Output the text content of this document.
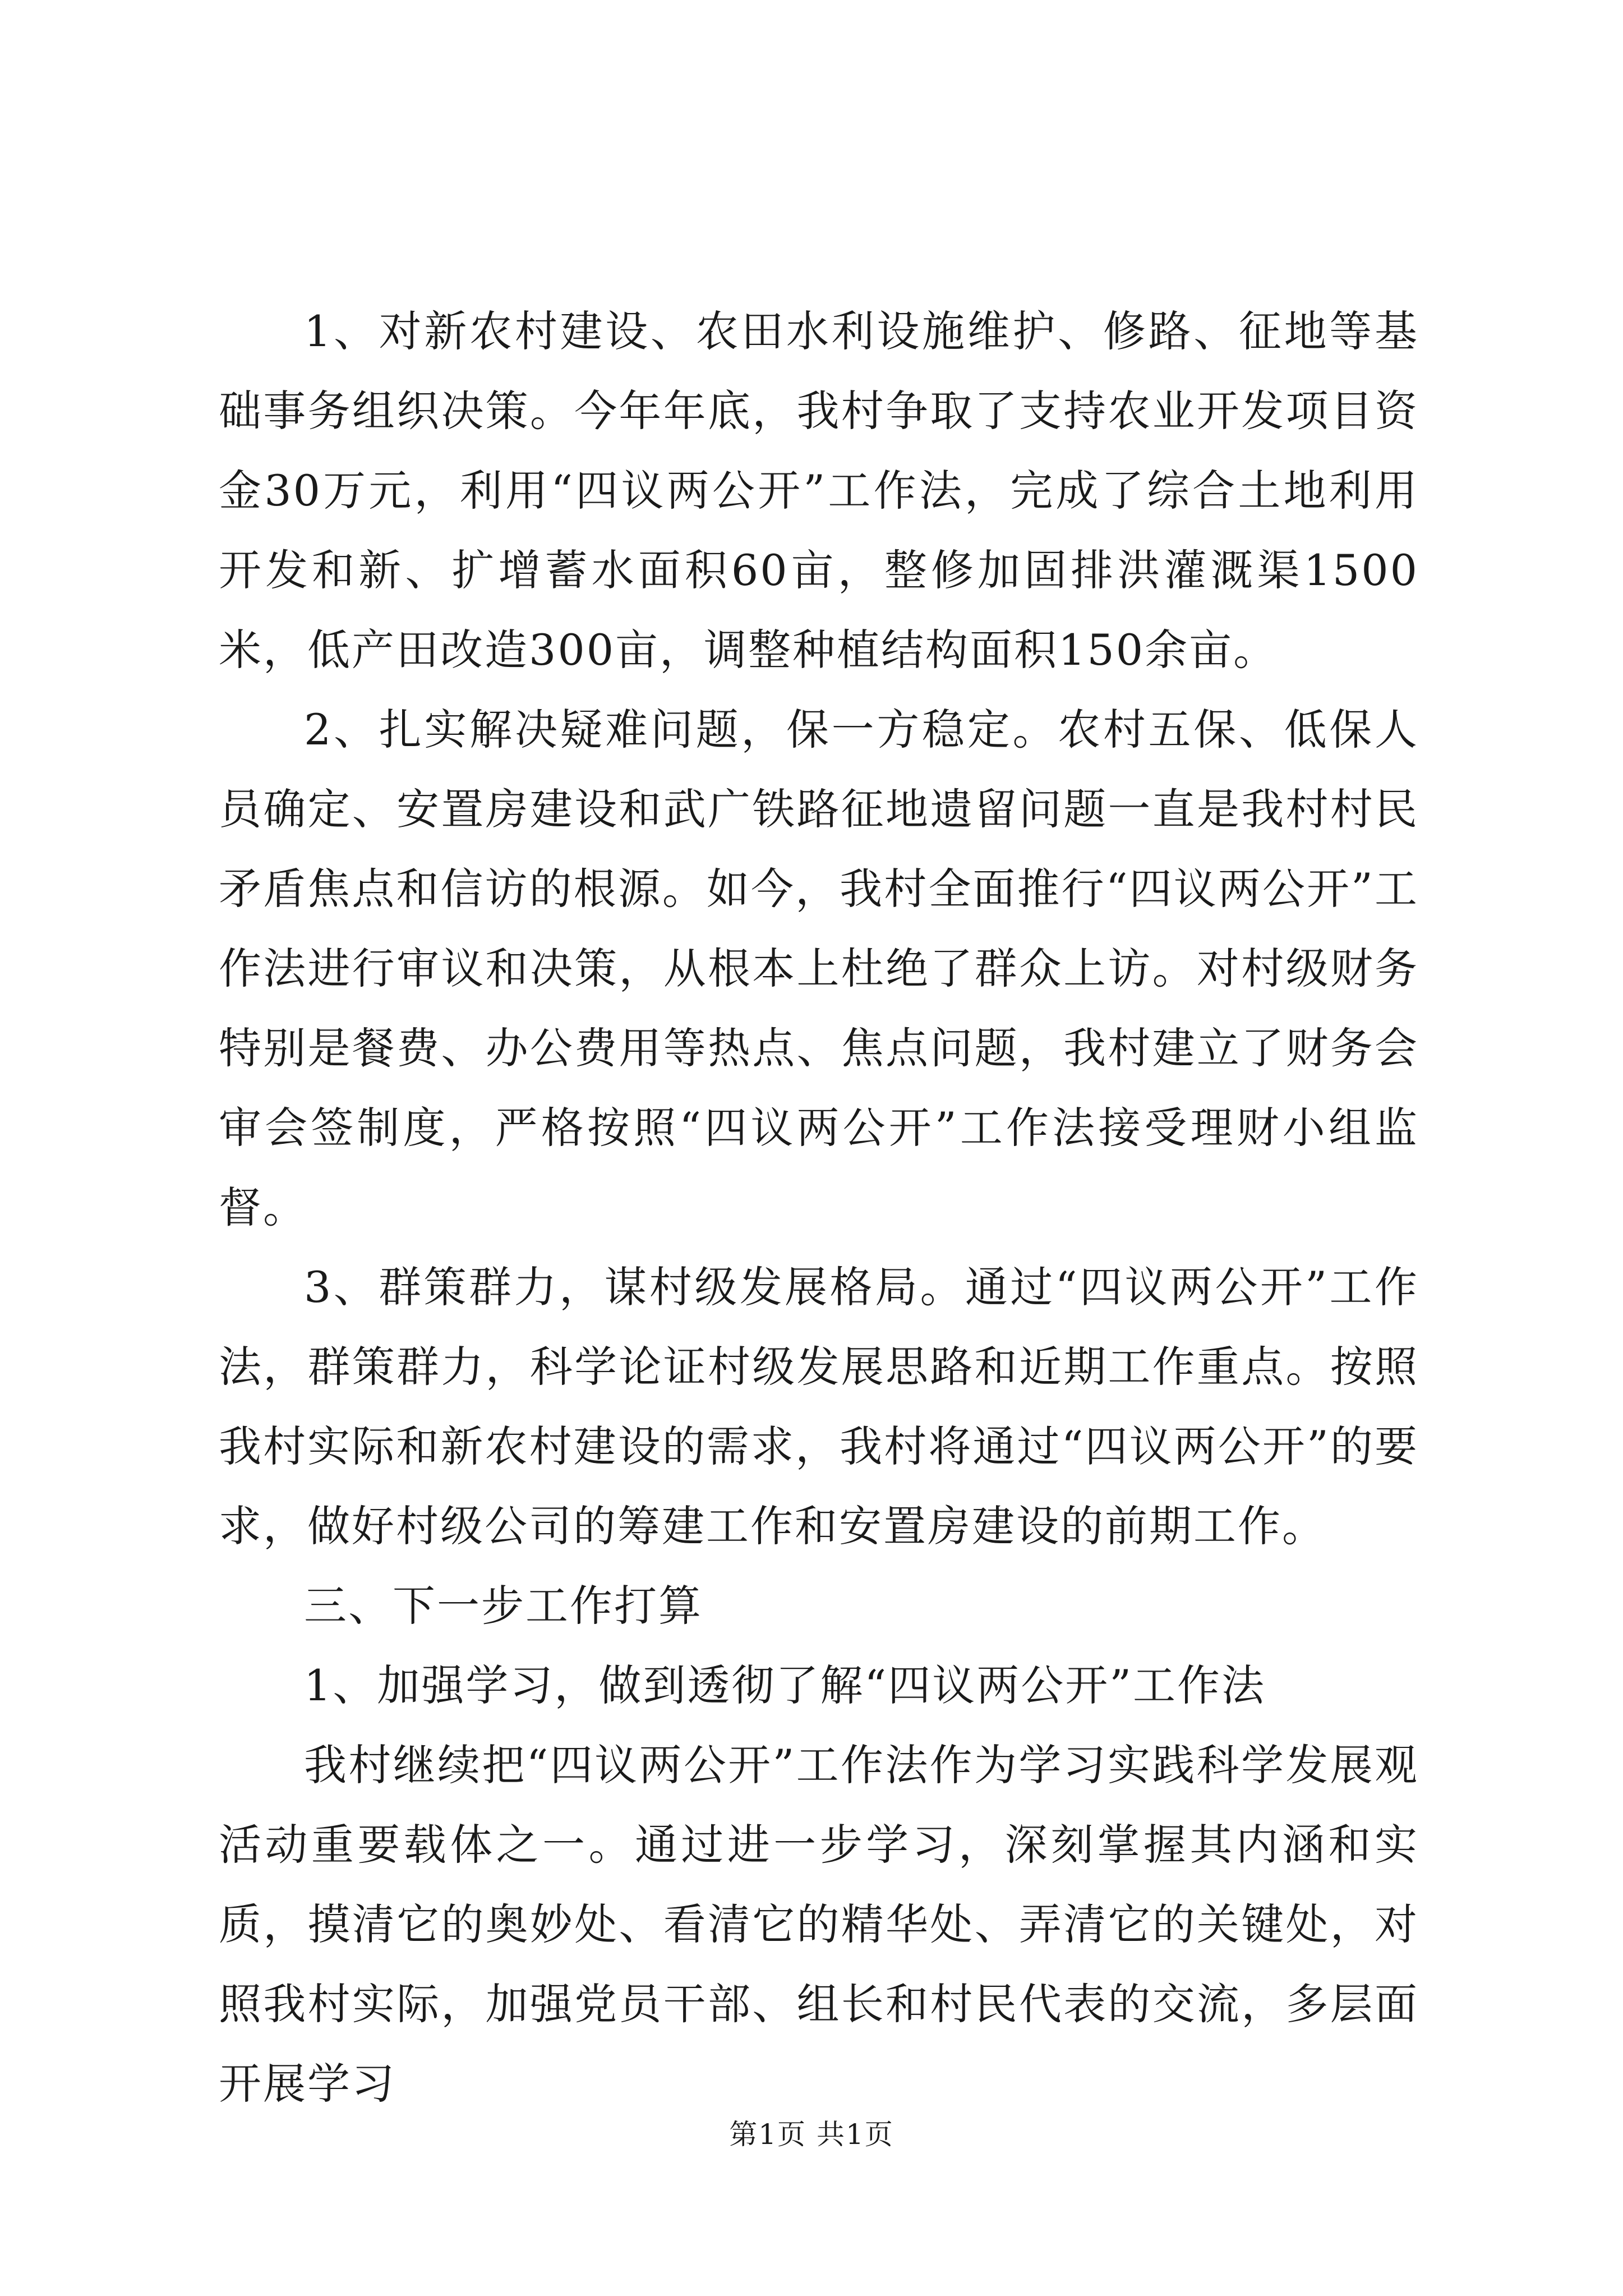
1、对新农村建设、农田水利设施维护、修路、征地等基础事务组织决策。今年年底，我村争取了支持农业开发项目资金30万元，利用“四议两公开”工作法，完成了综合土地利用开发和新、扩增蓄水面积60亩，整修加固排洪灌溉渠1500米，低产田改造300亩，调整种植结构面积150余亩。

2、扎实解决疑难问题，保一方稳定。农村五保、低保人员确定、安置房建设和武广铁路征地遗留问题一直是我村村民矛盾焦点和信访的根源。如今，我村全面推行“四议两公开”工作法进行审议和决策，从根本上杜绝了群众上访。对村级财务特别是餐费、办公费用等热点、焦点问题，我村建立了财务会审会签制度，严格按照“四议两公开”工作法接受理财小组监督。

3、群策群力，谋村级发展格局。通过“四议两公开”工作法，群策群力，科学论证村级发展思路和近期工作重点。按照我村实际和新农村建设的需求，我村将通过“四议两公开”的要求，做好村级公司的筹建工作和安置房建设的前期工作。

三、下一步工作打算

1、加强学习，做到透彻了解“四议两公开”工作法

我村继续把“四议两公开”工作法作为学习实践科学发展观活动重要载体之一。通过进一步学习，深刻掌握其内涵和实质，摸清它的奥妙处、看清它的精华处、弄清它的关键处，对照我村实际，加强党员干部、组长和村民代表的交流，多层面开展学习

第1页 共1页
